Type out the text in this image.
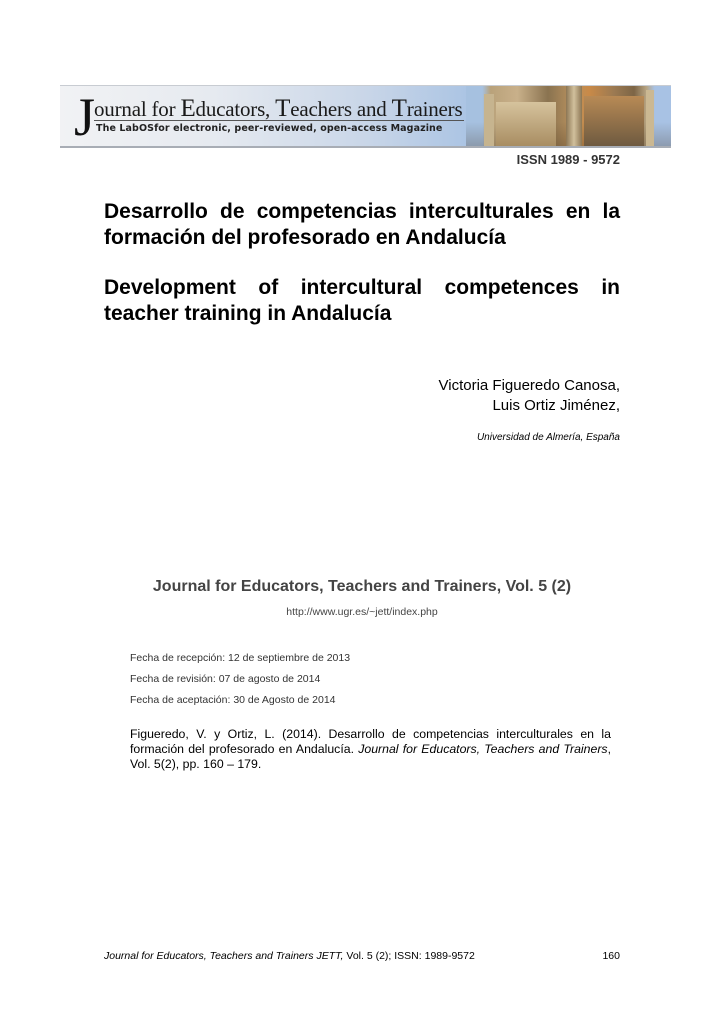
J
ournal for Educators, Teachers and Trainers
The LabOSfor electronic, peer-reviewed, open-access Magazine
ISSN 1989 - 9572
Desarrollo de competencias interculturales en la formación del profesorado en Andalucía
Development of intercultural competences in teacher training in Andalucía
Victoria Figueredo Canosa,
Luis Ortiz Jiménez,
Universidad de Almería, España
Journal for Educators, Teachers and Trainers, Vol. 5 (2)
http://www.ugr.es/~jett/index.php
Fecha de recepción: 12 de septiembre de 2013
Fecha de revisión: 07 de agosto de 2014
Fecha de aceptación: 30 de Agosto de 2014
Figueredo, V. y Ortiz, L. (2014). Desarrollo de competencias interculturales en la formación del profesorado en Andalucía. Journal for Educators, Teachers and Trainers, Vol. 5(2), pp. 160 – 179.
Journal for Educators, Teachers and Trainers JETT, Vol. 5 (2); ISSN: 1989-9572	160
